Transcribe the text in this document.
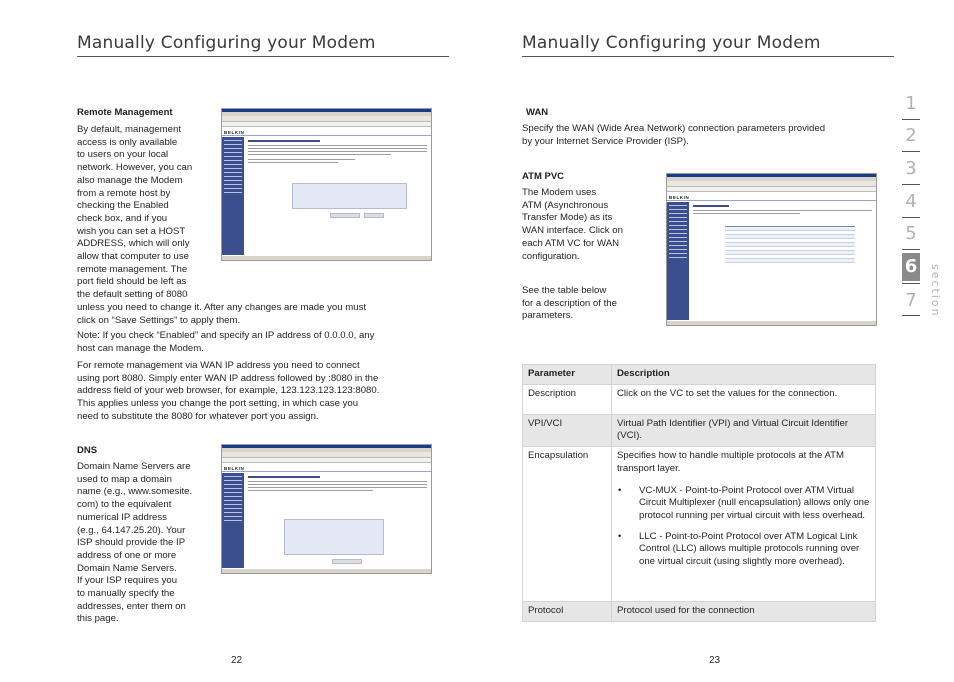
Manually Configuring your Modem
Remote Management
By default, management
access is only available
to users on your local
network. However, you can
also manage the Modem
from a remote host by
checking the Enabled
check box, and if you
wish you can set a HOST
ADDRESS, which will only
allow that computer to use
remote management. The
port field should be left as
the default setting of 8080
unless you need to change it. After any changes are made you must
click on “Save Settings” to apply them.
Note: If you check “Enabled” and specify an IP address of 0.0.0.0, any
host can manage the Modem.
For remote management via WAN IP address you need to connect
using port 8080. Simply enter WAN IP address followed by :8080 in the
address field of your web browser, for example, 123.123.123.123:8080.
This applies unless you change the port setting, in which case you
need to substitute the 8080 for whatever port you assign.
BELKIN
DNS
Domain Name Servers are
used to map a domain
name (e.g., www.somesite.
com) to the equivalent
numerical IP address
(e.g., 64.147.25.20). Your
ISP should provide the IP
address of one or more
Domain Name Servers.
If your ISP requires you
to manually specify the
addresses, enter them on
this page.
BELKIN
22
Manually Configuring your Modem
WAN
Specify the WAN (Wide Area Network) connection parameters provided
by your Internet Service Provider (ISP).
ATM PVC
The Modem uses
ATM (Asynchronous
Transfer Mode) as its
WAN interface. Click on
each ATM VC for WAN
configuration.
See the table below
for a description of the
parameters.
BELKIN
Parameter	Description
Description	Click on the VC to set the values for the connection.
VPI/VCI	Virtual Path Identifier (VPI) and Virtual Circuit Identifier (VCI).
Encapsulation	Specifies how to handle multiple protocols at the ATM transport layer.
• VC-MUX - Point-to-Point Protocol over ATM Virtual Circuit Multiplexer (null encapsulation) allows only one protocol running per virtual circuit with less overhead.
• LLC - Point-to-Point Protocol over ATM Logical Link Control (LLC) allows multiple protocols running over one virtual circuit (using slightly more overhead).

Protocol	Protocol used for the connection
23
1
2
3
4
5
6
7 section
